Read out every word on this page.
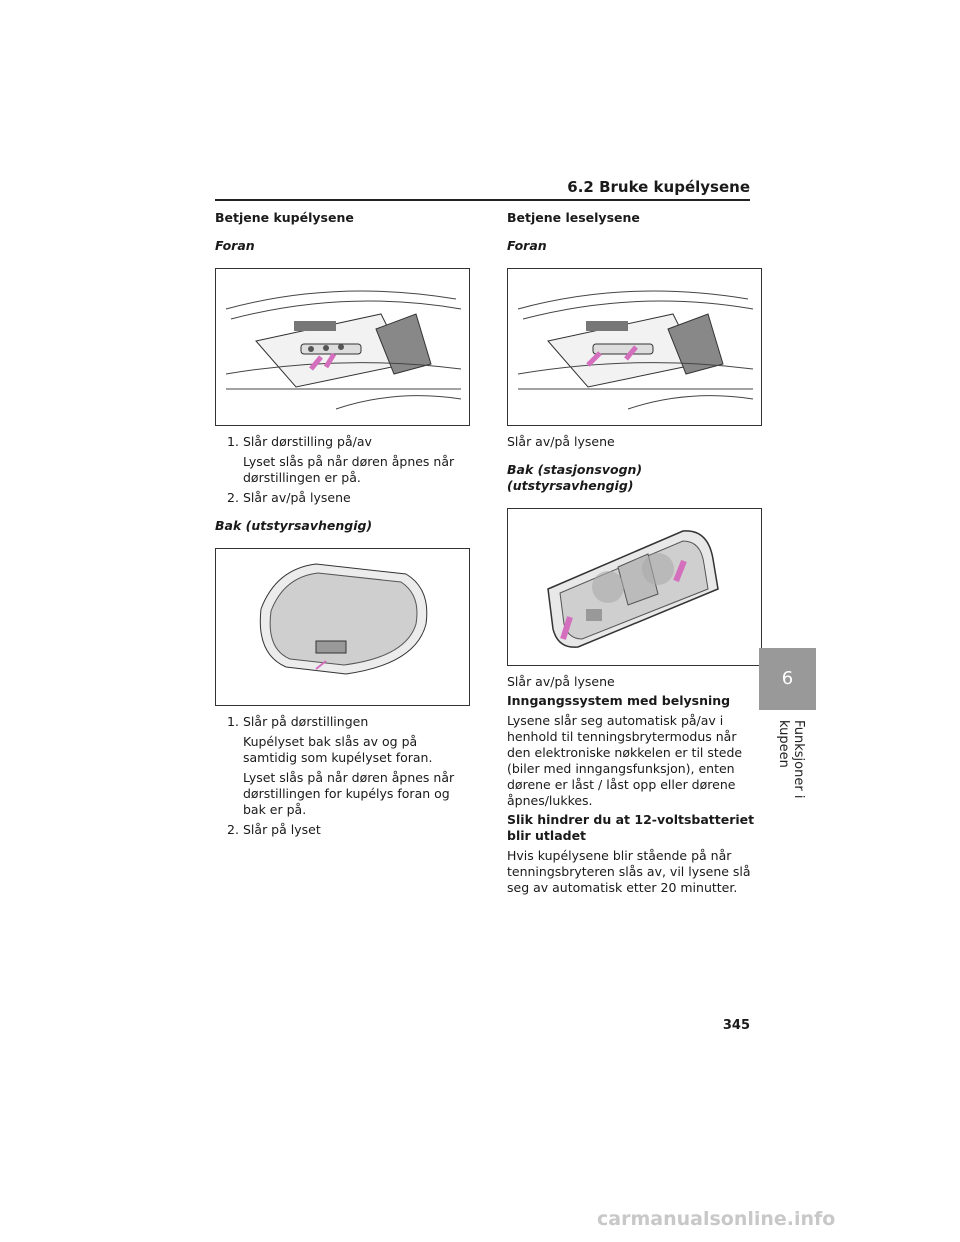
6.2 Bruke kupélysene
Betjene kupélysene
Foran
1. Slår dørstilling på/av

Lyset slås på når døren åpnes når dørstillingen er på.

2. Slår av/på lysene

Bak (utstyrsavhengig)
1. Slår på dørstillingen

Kupélyset bak slås av og på samtidig som kupélyset foran.

Lyset slås på når døren åpnes når dørstillingen for kupélys foran og bak er på.

2. Slår på lyset

Betjene leselysene
Foran

Slår av/på lysene

Bak (stasjonsvogn) (utstyrsavhengig)

Slår av/på lysene

Inngangssystem med belysning

Lysene slår seg automatisk på/av i henhold til tenningsbrytermodus når den elektroniske nøkkelen er til stede (biler med inngangsfunksjon), enten dørene er låst / låst opp eller dørene åpnes/lukkes.

Slik hindrer du at 12-voltsbatteriet blir utladet

Hvis kupélysene blir stående på når tenningsbryteren slås av, vil lysene slå seg av automatisk etter 20 minutter.

6
Funksjoner i kupeen
345
carmanualsonline.info
